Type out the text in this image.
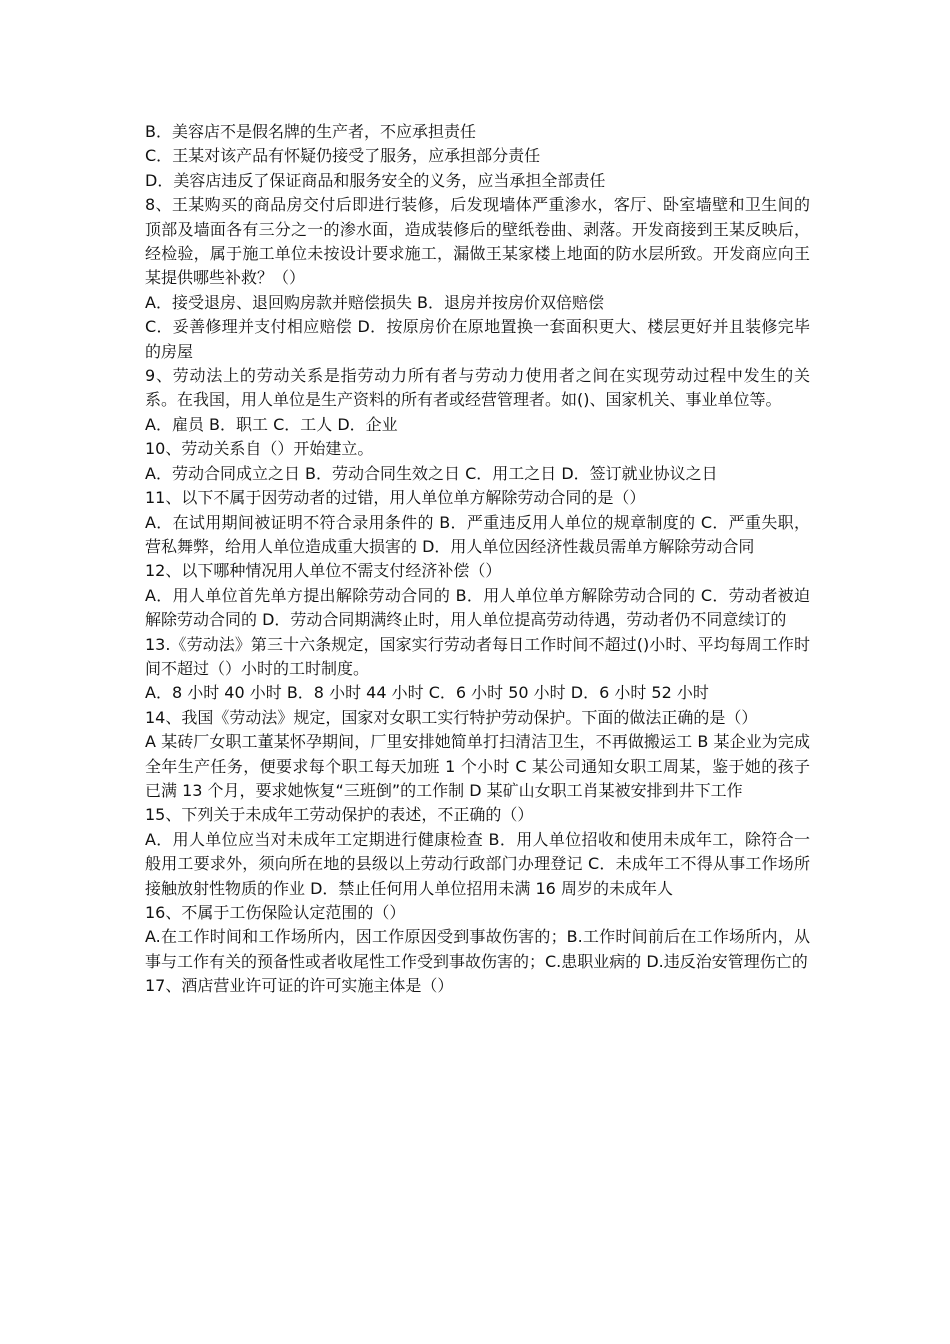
B．美容店不是假名牌的生产者，不应承担责任
C．王某对该产品有怀疑仍接受了服务，应承担部分责任
D．美容店违反了保证商品和服务安全的义务，应当承担全部责任
8、王某购买的商品房交付后即进行装修，后发现墙体严重渗水，客厅、卧室墙壁和卫生间的顶部及墙面各有三分之一的渗水面，造成装修后的壁纸卷曲、剥落。开发商接到王某反映后，经检验，属于施工单位未按设计要求施工，漏做王某家楼上地面的防水层所致。开发商应向王某提供哪些补救？（）
A．接受退房、退回购房款并赔偿损失 B．退房并按房价双倍赔偿
C．妥善修理并支付相应赔偿 D．按原房价在原地置换一套面积更大、楼层更好并且装修完毕的房屋
9、劳动法上的劳动关系是指劳动力所有者与劳动力使用者之间在实现劳动过程中发生的关系。在我国，用人单位是生产资料的所有者或经营管理者。如()、国家机关、事业单位等。
A．雇员 B．职工 C．工人 D．企业
10、劳动关系自（）开始建立。
A．劳动合同成立之日 B．劳动合同生效之日 C．用工之日 D．签订就业协议之日
11、以下不属于因劳动者的过错，用人单位单方解除劳动合同的是（）
A．在试用期间被证明不符合录用条件的 B．严重违反用人单位的规章制度的 C．严重失职，营私舞弊，给用人单位造成重大损害的 D．用人单位因经济性裁员需单方解除劳动合同
12、以下哪种情况用人单位不需支付经济补偿（）
A．用人单位首先单方提出解除劳动合同的 B．用人单位单方解除劳动合同的 C．劳动者被迫解除劳动合同的 D．劳动合同期满终止时，用人单位提高劳动待遇，劳动者仍不同意续订的
13.《劳动法》第三十六条规定，国家实行劳动者每日工作时间不超过()小时、平均每周工作时间不超过（）小时的工时制度。
A．8 小时 40 小时 B．8 小时 44 小时 C．6 小时 50 小时 D．6 小时 52 小时
14、我国《劳动法》规定，国家对女职工实行特护劳动保护。下面的做法正确的是（）
A 某砖厂女职工董某怀孕期间，厂里安排她简单打扫清洁卫生，不再做搬运工 B 某企业为完成全年生产任务，便要求每个职工每天加班 1 个小时 C 某公司通知女职工周某，鉴于她的孩子已满 13 个月，要求她恢复“三班倒”的工作制 D 某矿山女职工肖某被安排到井下工作
15、下列关于未成年工劳动保护的表述，不正确的（）
A．用人单位应当对未成年工定期进行健康检查 B．用人单位招收和使用未成年工，除符合一般用工要求外，须向所在地的县级以上劳动行政部门办理登记 C．未成年工不得从事工作场所接触放射性物质的作业 D．禁止任何用人单位招用未满 16 周岁的未成年人
16、不属于工伤保险认定范围的（）
A.在工作时间和工作场所内，因工作原因受到事故伤害的；B.工作时间前后在工作场所内，从事与工作有关的预备性或者收尾性工作受到事故伤害的；C.患职业病的 D.违反治安管理伤亡的
17、酒店营业许可证的许可实施主体是（）
